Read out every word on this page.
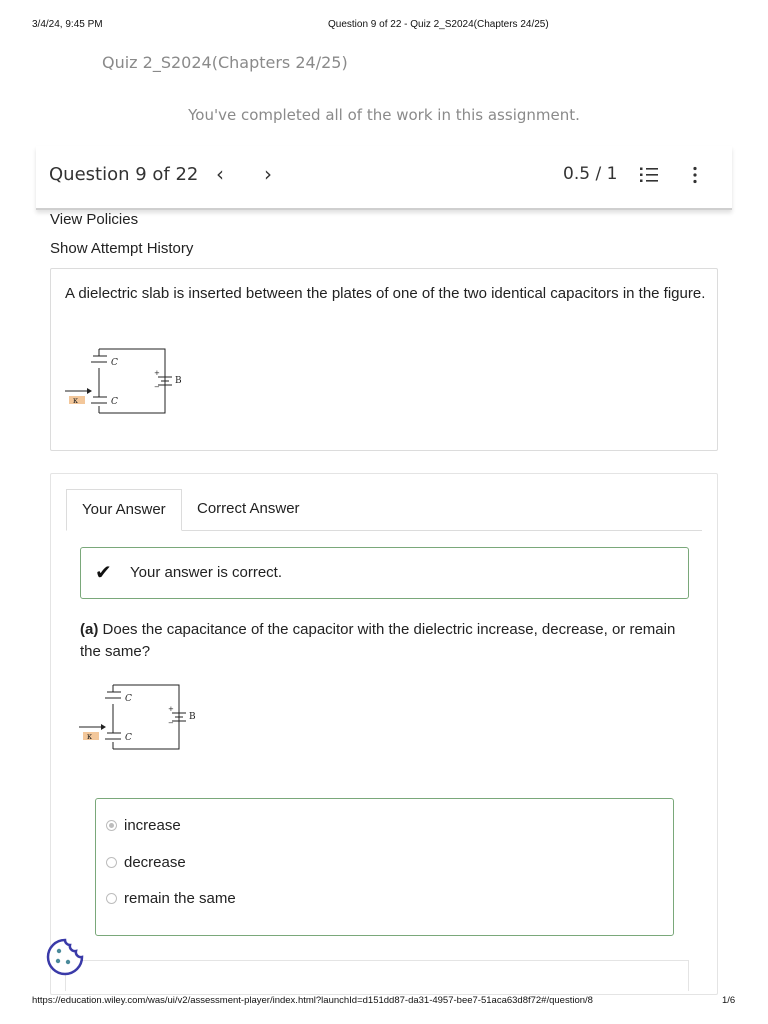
3/4/24, 9:45 PM	Question 9 of 22 - Quiz 2_S2024(Chapters 24/25)
Quiz 2_S2024(Chapters 24/25)
You've completed all of the work in this assignment.
Question 9 of 22 ‹ ›	0.5 / 1
View Policies
Show Attempt History
A dielectric slab is inserted between the plates of one of the two identical capacitors in the figure.
κ
C
C
B
+
−
Your Answer	Correct Answer
✔ Your answer is correct.
(a) Does the capacitance of the capacitor with the dielectric increase, decrease, or remain the same?
κ
C
C
B
+
−
increase
decrease
remain the same
https://education.wiley.com/was/ui/v2/assessment-player/index.html?launchId=d151dd87-da31-4957-bee7-51aca63d8f72#/question/8	1/6
